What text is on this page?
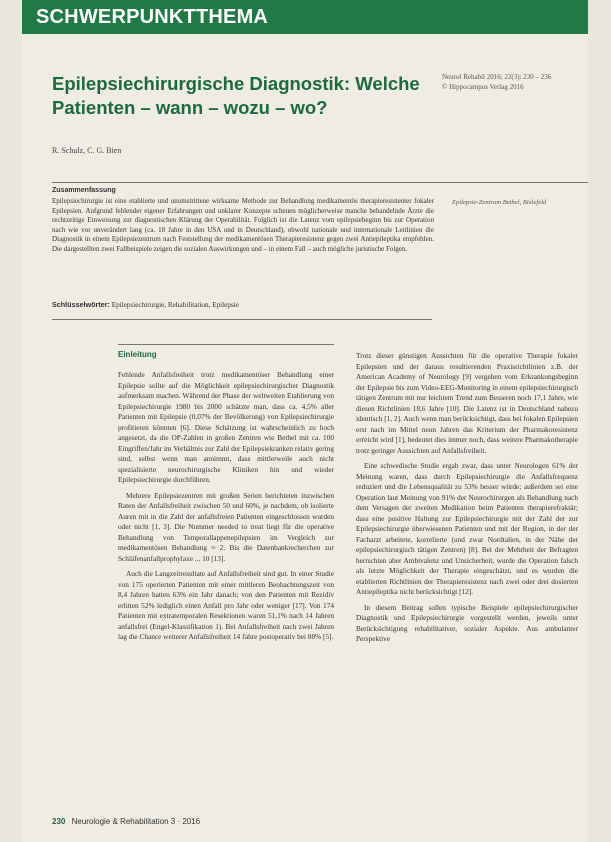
SCHWERPUNKTTHEMA
Epilepsiechirurgische Diagnostik: Welche Patienten – wann – wozu – wo?
Neurol Rehabil 2016; 22(3): 230 – 236
© Hippocampus Verlag 2016
R. Schulz, C. G. Bien
Zusammenfassung
Epilepsiechirurgie ist eine etablierte und unumstrittene wirksame Methode zur Behandlung medikamentös therapieresistenter fokaler Epilepsien. Aufgrund fehlender eigener Erfahrungen und unklarer Konzepte scheuen möglicherweise manche behandelnde Ärzte die rechtzeitige Einweisung zur diagnostischen Klärung der Operabilität. Folglich ist die Latenz vom epilepsiebeginn bis zur Operation nach wie vor unverändert lang (ca. 18 Jahre in den USA und in Deutschland), obwohl nationale und internationale Leitlinien die Diagnostik in einem Epilepsiezentrum nach Feststellung der medikamentösen Therapieresistenz gegen zwei Antiepileptika empfehlen. Die dargestellten zwei Fallbeispiele zeigen die sozialen Auswirkungen und – in einem Fall – auch mögliche juristische Folgen.
Epilepsie-Zentrum Bethel, Bielefeld
Schlüsselwörter: Epilepsiechirurgie, Rehabilitation, Epilepsie
Einleitung

Fehlende Anfallsfreiheit trotz medikamentöser Behandlung einer Epilepsie sollte auf die Möglichkeit epilepsiechirurgischer Diagnostik aufmerksam machen. Während der Phase der weltweiten Etablierung von Epilepsiechirurgie 1980 bis 2000 schätzte man, dass ca. 4,5% aller Patienten mit Epilepsie (0,07% der Bevölkerung) von Epilepsiechirurgie profitieren könnten [6]. Diese Schätzung ist wahrscheinlich zu hoch angesetzt, da die OP-Zahlen in großen Zentren wie Bethel mit ca. 100 Eingriffen/Jahr im Verhältnis zur Zahl der Epilepsiekranken relativ gering sind, selbst wenn man annimmt, dass mittlerweile auch nicht spezialisierte neurochirurgische Kliniken hin und wieder Epilepsiechirurgie durchführen.

Mehrere Epilepsiezentren mit großen Serien berichteten inzwischen Raten der Anfallsfreiheit zwischen 50 und 60%, je nachdem, ob isolierte Auren mit in die Zahl der anfallsfreien Patienten eingeschlossen wurden oder nicht [1, 3]. Die Nummer needed to treat liegt für die operative Behandlung von Temporallappenepilepsien im Vergleich zur medikamentösen Behandlung ≈ 2. Bis die Datenbankrecherchen zur Schläfenanfallprophylaxe ... 10 [13].

Auch die Langzeitresultate auf Anfallsfreiheit sind gut. In einer Studie von 175 operierten Patienten mit einer mittleren Beobachtungszeit von 8,4 Jahren hatten 63% ein Jahr danach; von den Patienten mit Rezidiv erlitten 52% lediglich einen Anfall pro Jahr oder weniger [17]. Von 174 Patienten mit extratemporalen Resektionen waren 51,1% nach 14 Jahren anfallsfrei (Engel-Klassifikation 1). Bei Anfallsfreiheit nach zwei Jahren lag die Chance weiterer Anfallsfreiheit 14 Jahre postoperativ bei 88% [5].

Trotz dieser günstigen Aussichten für die operative Therapie fokaler Epilepsien und der daraus resultierenden Praxisrichtlinien z.B. der American Academy of Neurology [9] vergehen vom Erkrankungsbeginn der Epilepsie bis zum Video-EEG-Monitoring in einem epilepsiechirurgisch tätigen Zentrum mit nur leichtem Trend zum Besseren noch 17,1 Jahre, wie diesen Richtlinien 18,6 Jahre [10]. Die Latenz ist in Deutschland nahezu identisch [1, 2]. Auch wenn man berücksichtigt, dass bei fokalen Epilepsien erst nach im Mittel neun Jahren das Kriterium der Pharmakoresistenz erreicht wird [1], bedeutet dies immer noch, dass weitere Pharmakotherapie trotz geringer Aussichten auf Anfallsfreiheit.

Eine schwedische Studie ergab zwar, dass unter Neurologen 61% der Meinung waren, dass durch Epilepsiechirurgie die Anfallsfrequenz reduziert und die Lebensqualität zu 53% besser würde; außerdem sei eine Operation laut Meinung von 91% der Neurochirurgen als Behandlung nach dem Versagen der zweiten Medikation beim Patienten therapierefraktär; dass eine positive Haltung zur Epilepsiechirurgie mit der Zahl der zur Epilepsiechirurgie überwiesenen Patienten und mit der Region, in der der Facharzt arbeitete, korrelierte (und zwar Nordtalien, in der Nähe der epilepsiechirurgisch tätigen Zentren) [8]. Bei der Mehrheit der Befragten herrschten aber Ambivalenz und Unsicherheit, wurde die Operation falsch als letzte Möglichkeit der Therapie eingeschätzt, und es wurden die etablierten Richtlinien der Therapieresistenz nach zwei oder drei dosierten Antiepileptika nicht berücksichtigt [12].

In diesem Beitrag sollen typische Beispiele epilepsiechirurgischer Diagnostik und Epilepsiechirurgie vorgestellt werden, jeweils unter Berücksichtigung rehabilitativer, sozialer Aspekte. Aus ambulanter Perspektive

230 Neurologie & Rehabilitation 3 · 2016
